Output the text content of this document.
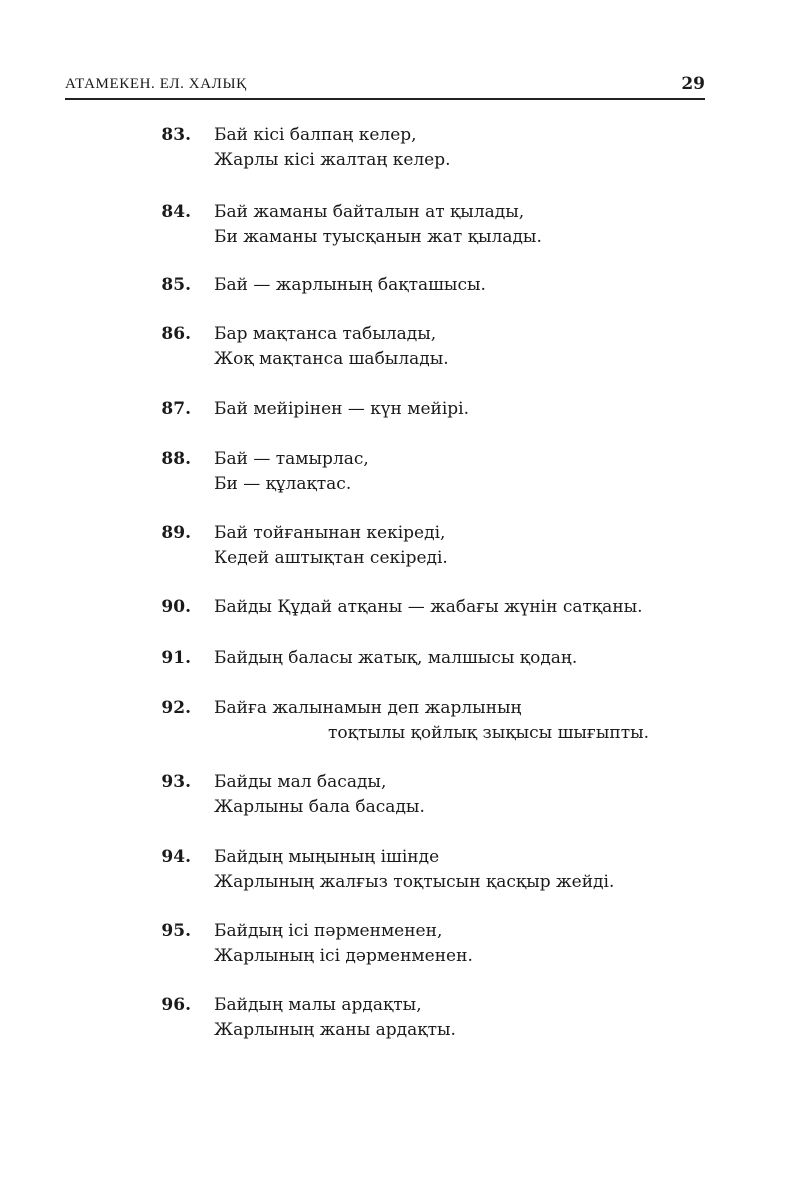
АТАМЕКЕН. ЕЛ. ХАЛЫҚ	29
83. Бай кісі балпаң келер,
Жарлы кісі жалтаң келер.
84. Бай жаманы байталын ат қылады,
Би жаманы туысқанын жат қылады.
85. Бай — жарлының бақташысы.
86. Бар мақтанса табылады,
Жоқ мақтанса шабылады.
87. Бай мейірінен — күн мейірі.
88. Бай — тамырлас,
Би — құлақтас.
89. Бай тойғанынан кекіреді,
Кедей аштықтан секіреді.
90. Байды Құдай атқаны — жабағы жүнін сатқаны.
91. Байдың баласы жатық, малшысы қодаң.
92. Байға жалынамын деп жарлының
тоқтылы қойлық зықысы шығыпты.
93. Байды мал басады,
Жарлыны бала басады.
94. Байдың мыңының ішінде
Жарлының жалғыз тоқтысын қасқыр жейді.
95. Байдың ісі пәрменменен,
Жарлының ісі дәрменменен.
96. Байдың малы ардақты,
Жарлының жаны ардақты.
